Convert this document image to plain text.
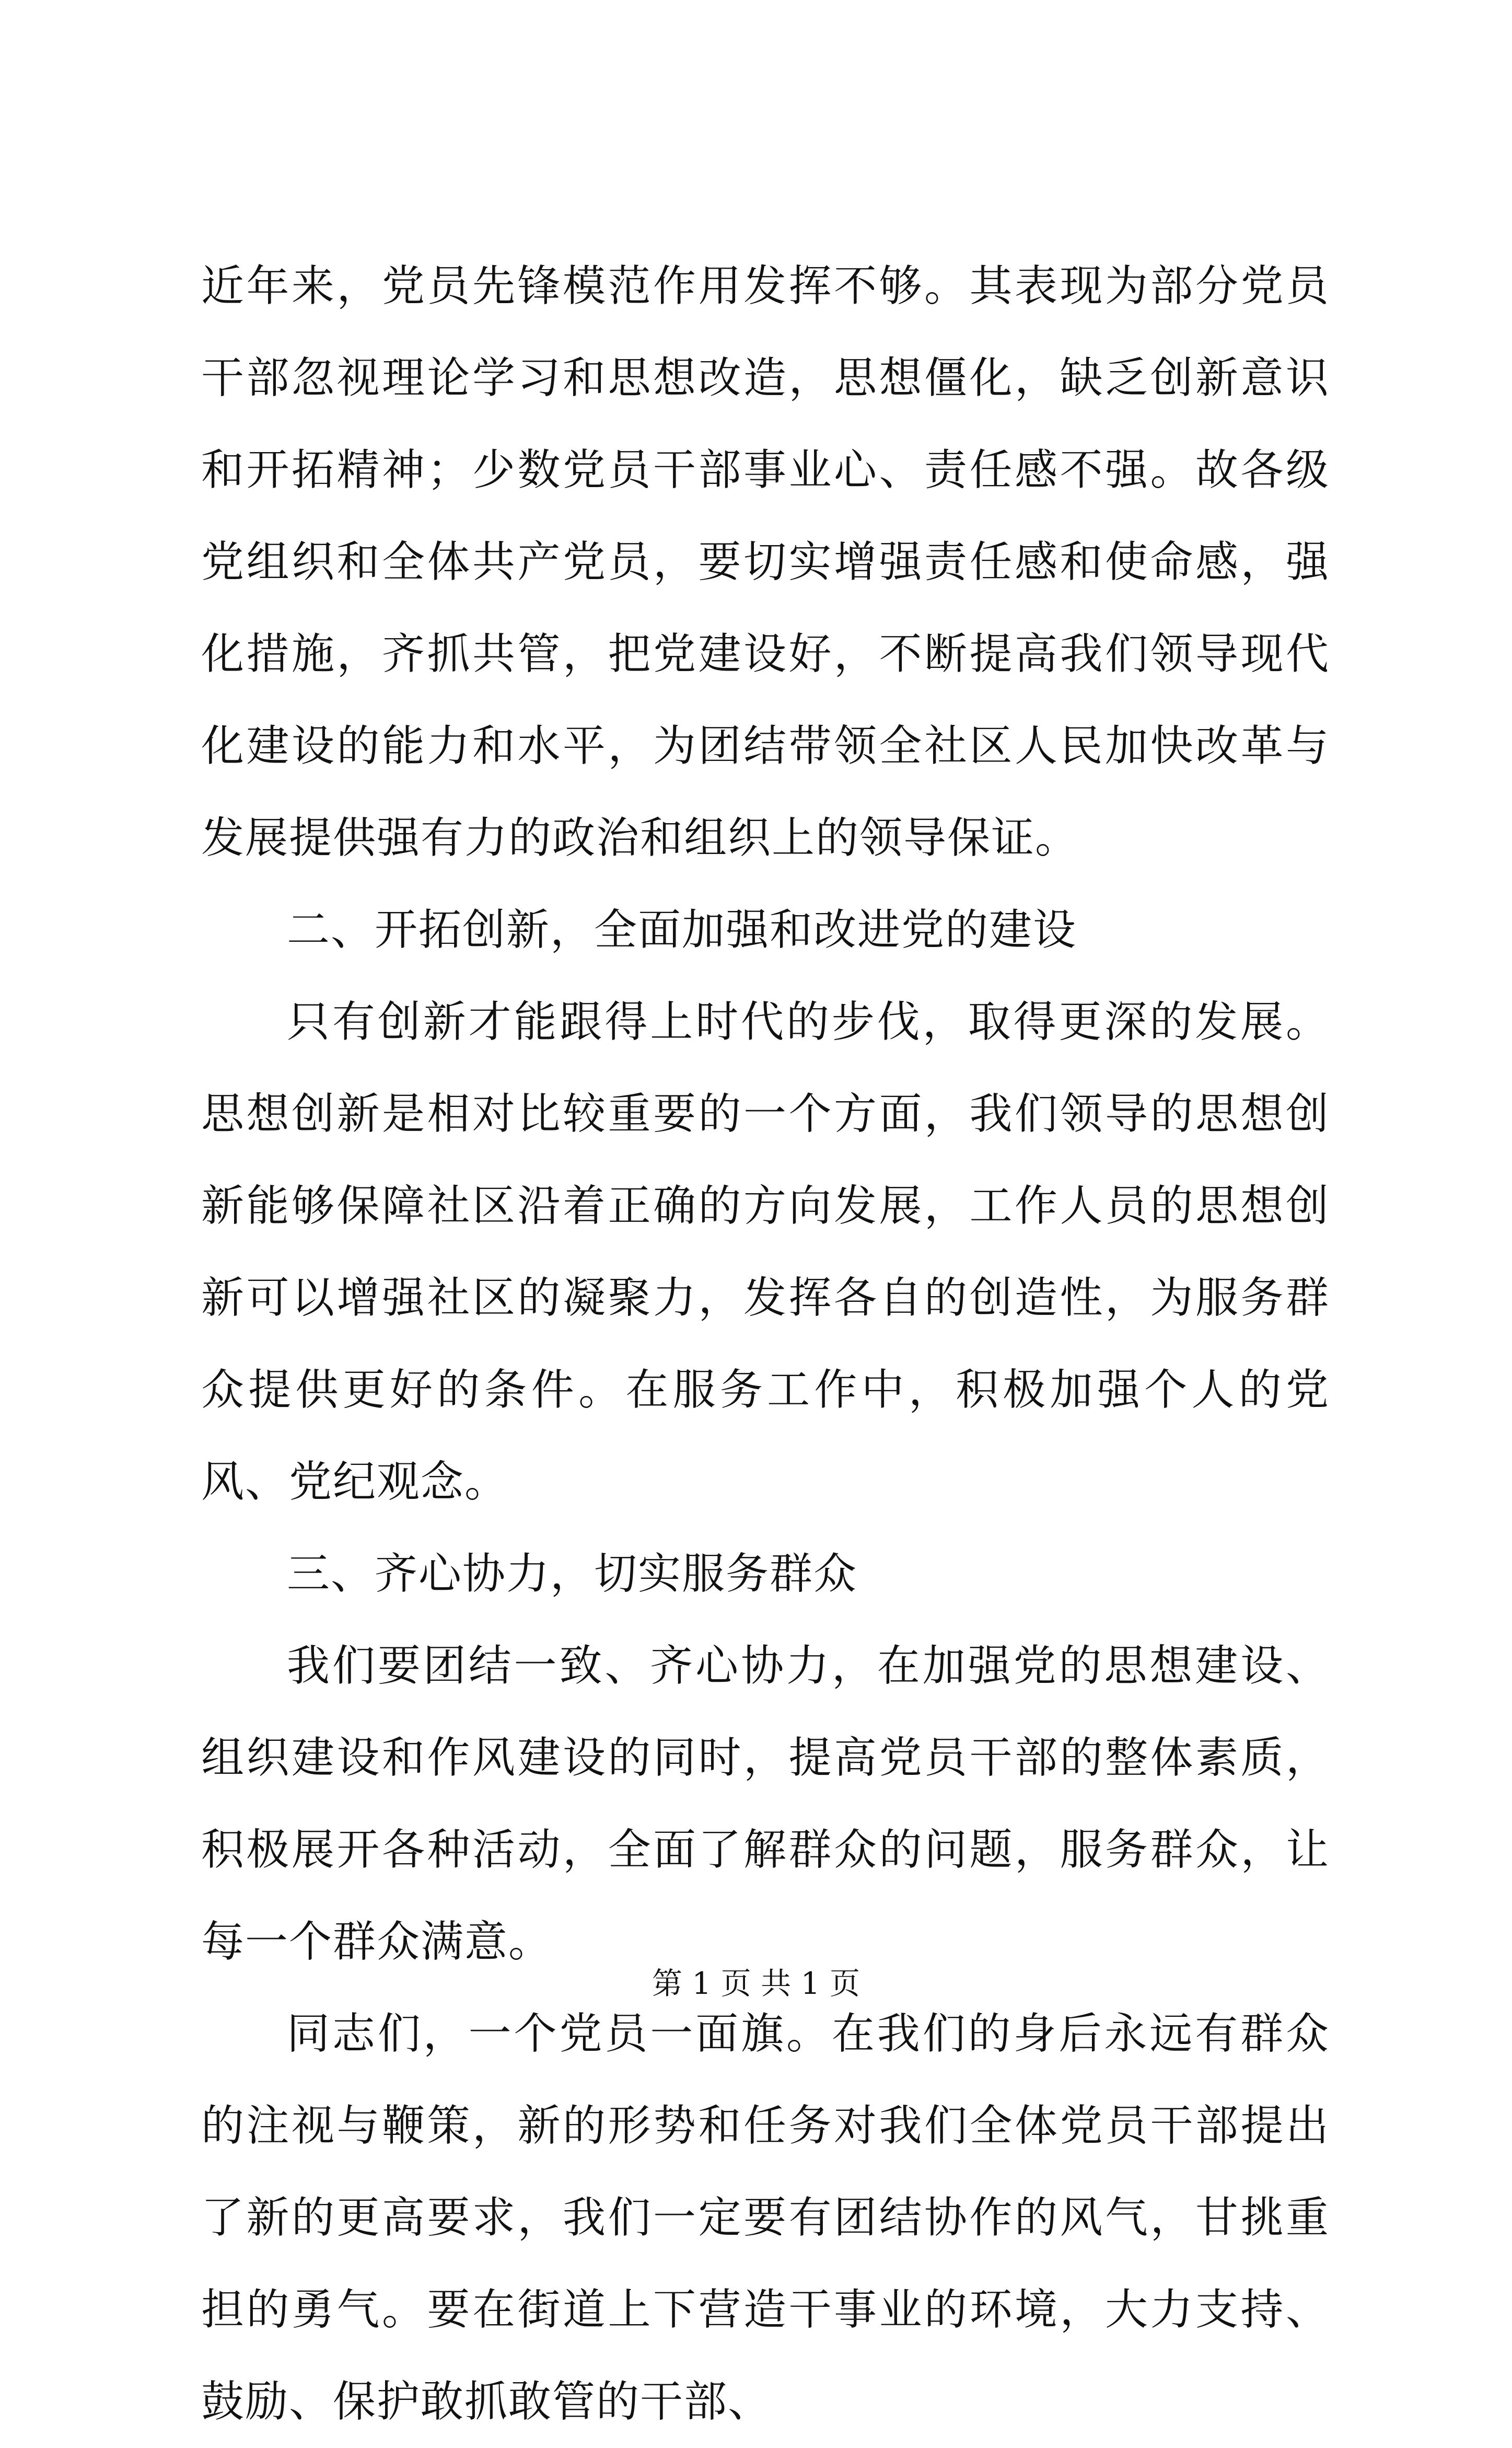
近年来，党员先锋模范作用发挥不够。其表现为部分党员干部忽视理论学习和思想改造，思想僵化，缺乏创新意识和开拓精神；少数党员干部事业心、责任感不强。故各级党组织和全体共产党员，要切实增强责任感和使命感，强化措施，齐抓共管，把党建设好，不断提高我们领导现代化建设的能力和水平，为团结带领全社区人民加快改革与发展提供强有力的政治和组织上的领导保证。

二、开拓创新，全面加强和改进党的建设

只有创新才能跟得上时代的步伐，取得更深的发展。思想创新是相对比较重要的一个方面，我们领导的思想创新能够保障社区沿着正确的方向发展，工作人员的思想创新可以增强社区的凝聚力，发挥各自的创造性，为服务群众提供更好的条件。在服务工作中，积极加强个人的党风、党纪观念。

三、齐心协力，切实服务群众

我们要团结一致、齐心协力，在加强党的思想建设、组织建设和作风建设的同时，提高党员干部的整体素质，积极展开各种活动，全面了解群众的问题，服务群众，让每一个群众满意。

同志们，一个党员一面旗。在我们的身后永远有群众的注视与鞭策，新的形势和任务对我们全体党员干部提出了新的更高要求，我们一定要有团结协作的风气，甘挑重担的勇气。要在街道上下营造干事业的环境，大力支持、鼓励、保护敢抓敢管的干部、

第 1 页 共 1 页
